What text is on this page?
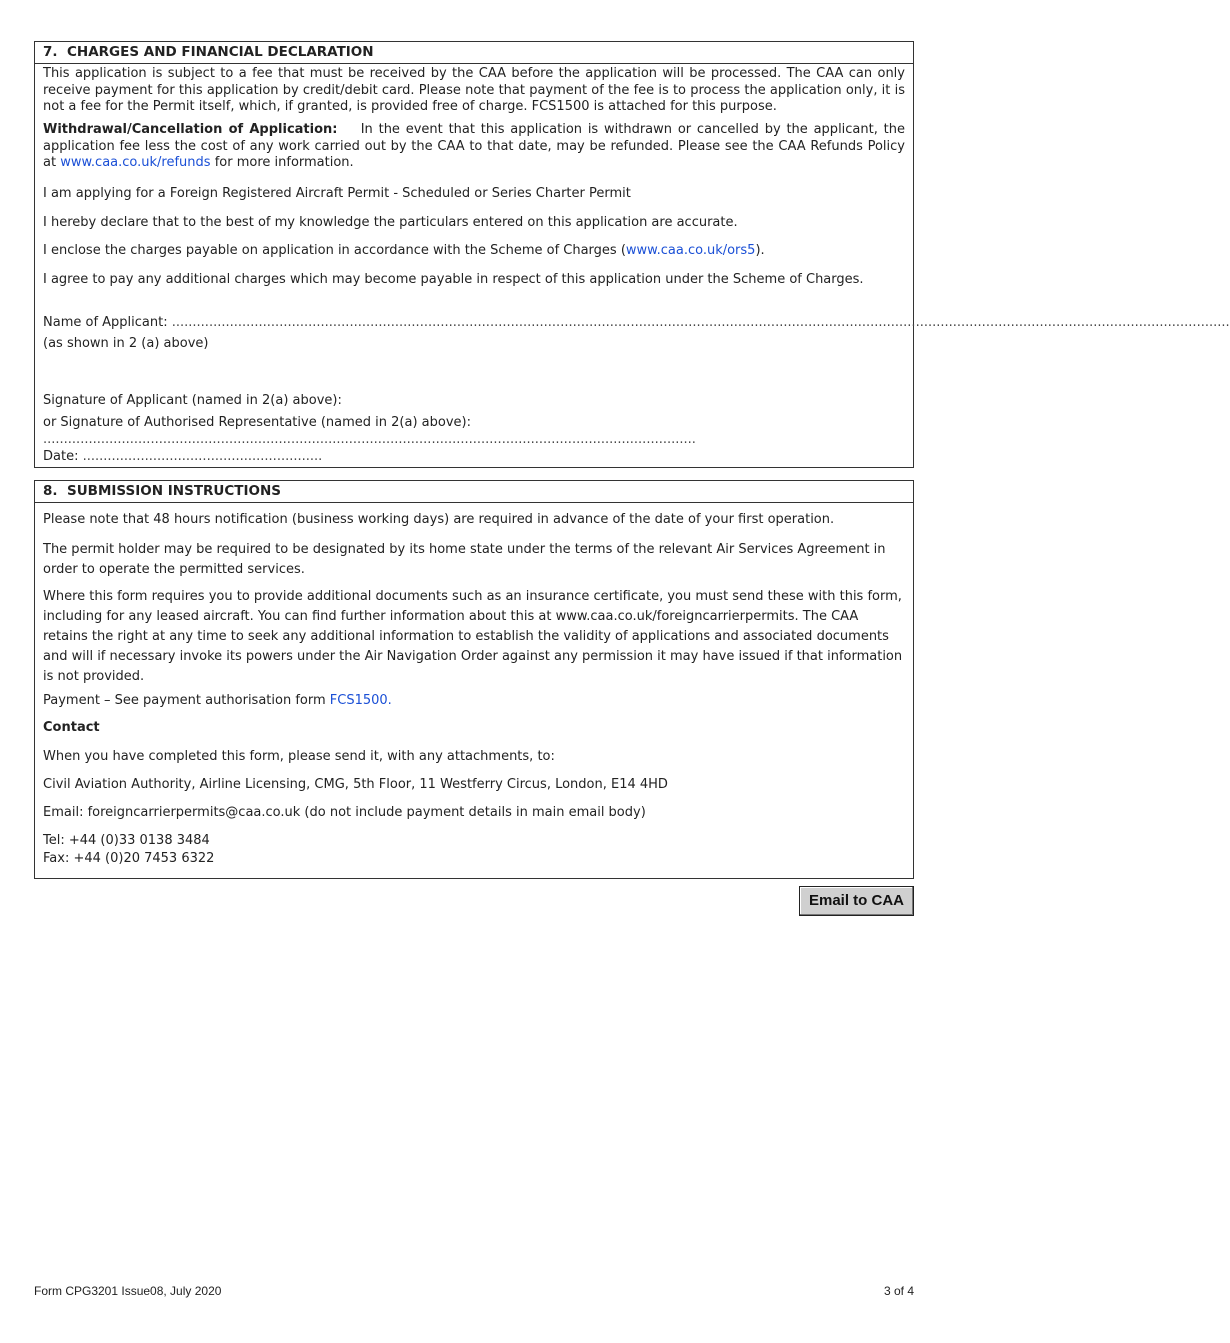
7. CHARGES AND FINANCIAL DECLARATION

This application is subject to a fee that must be received by the CAA before the application will be processed. The CAA can only receive payment for this application by credit/debit card. Please note that payment of the fee is to process the application only, it is not a fee for the Permit itself, which, if granted, is provided free of charge. FCS1500 is attached for this purpose.

Withdrawal/Cancellation of Application: In the event that this application is withdrawn or cancelled by the applicant, the application fee less the cost of any work carried out by the CAA to that date, may be refunded. Please see the CAA Refunds Policy at www.caa.co.uk/refunds for more information.

I am applying for a Foreign Registered Aircraft Permit - Scheduled or Series Charter Permit

I hereby declare that to the best of my knowledge the particulars entered on this application are accurate.

I enclose the charges payable on application in accordance with the Scheme of Charges (www.caa.co.uk/ors5).

I agree to pay any additional charges which may become payable in respect of this application under the Scheme of Charges.

Name of Applicant: ................................................................................................................................................................................................................................................................

(as shown in 2 (a) above)

Signature of Applicant (named in 2(a) above):

or Signature of Authorised Representative (named in 2(a) above): ..............................................................................................................................................................

Date: ..........................................................

8. SUBMISSION INSTRUCTIONS

Please note that 48 hours notification (business working days) are required in advance of the date of your first operation.

The permit holder may be required to be designated by its home state under the terms of the relevant Air Services Agreement in order to operate the permitted services.

Where this form requires you to provide additional documents such as an insurance certificate, you must send these with this form, including for any leased aircraft. You can find further information about this at www.caa.co.uk/foreigncarrierpermits. The CAA retains the right at any time to seek any additional information to establish the validity of applications and associated documents and will if necessary invoke its powers under the Air Navigation Order against any permission it may have issued if that information is not provided.

Payment – See payment authorisation form FCS1500.

Contact

When you have completed this form, please send it, with any attachments, to:

Civil Aviation Authority, Airline Licensing, CMG, 5th Floor, 11 Westferry Circus, London, E14 4HD

Email: foreigncarrierpermits@caa.co.uk (do not include payment details in main email body)

Tel: +44 (0)33 0138 3484

Fax: +44 (0)20 7453 6322

Email to CAA
Form CPG3201 Issue08, July 2020	3 of 4
